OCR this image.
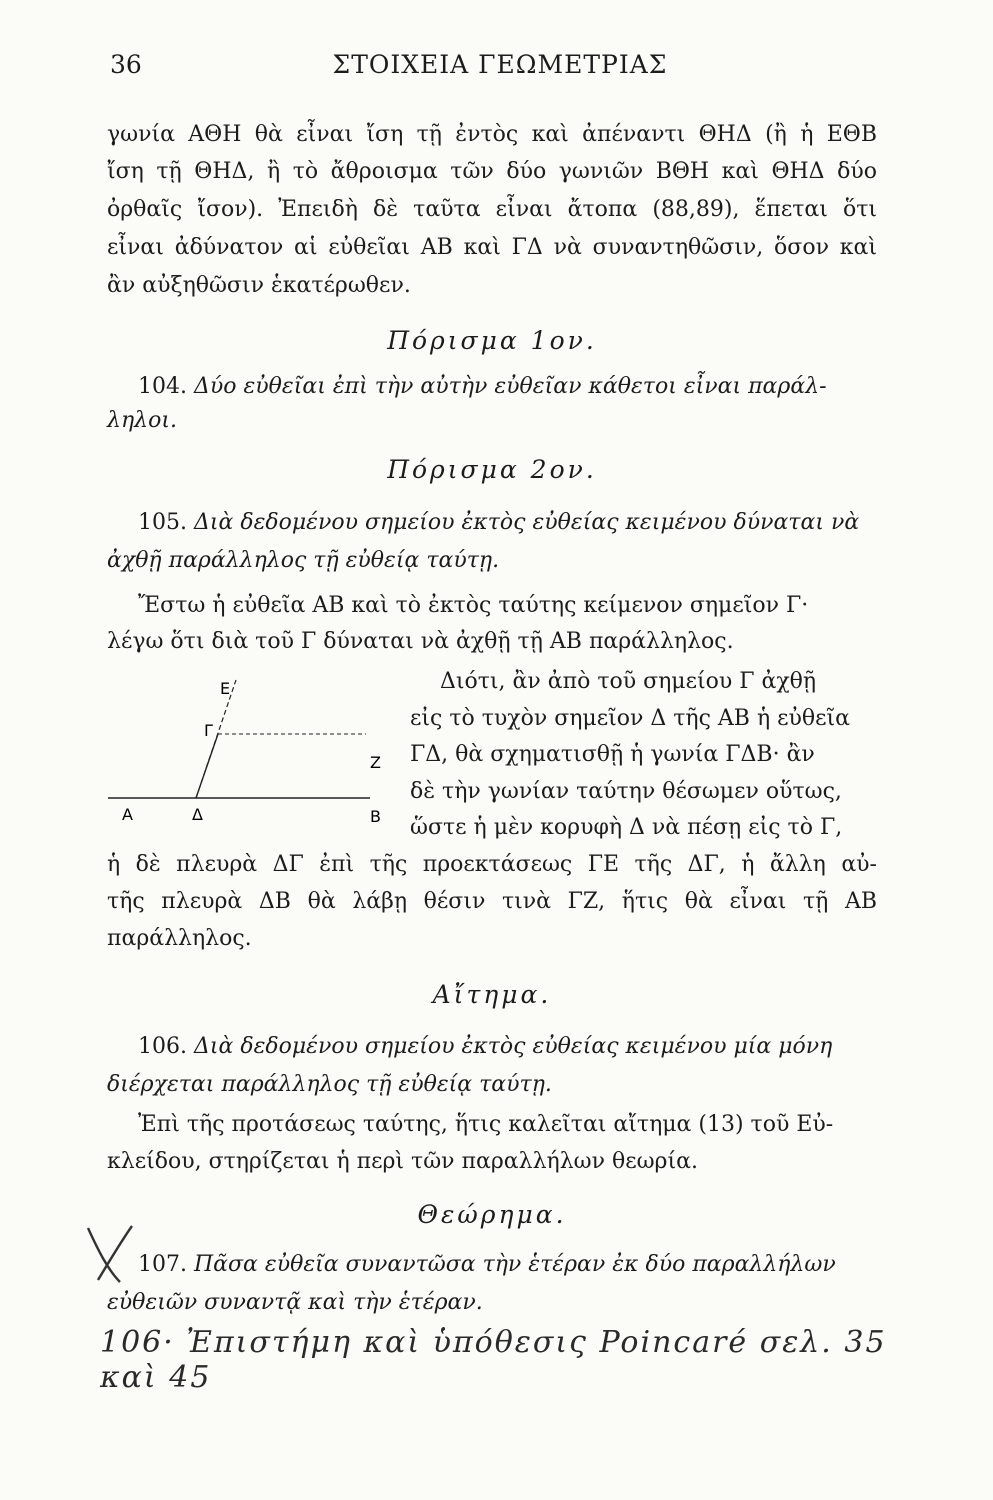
36	ΣΤΟΙΧΕΙΑ ΓΕΩΜΕΤΡΙΑΣ
γωνία ΑΘΗ θὰ εἶναι ἴση τῇ ἐντὸς καὶ ἀπέναντι ΘΗΔ (ἢ ἡ ΕΘΒ
ἴση τῇ ΘΗΔ, ἢ τὸ ἄθροισμα τῶν δύο γωνιῶν ΒΘΗ καὶ ΘΗΔ δύο
ὀρθαῖς ἴσον). Ἐπειδὴ δὲ ταῦτα εἶναι ἄτοπα (88,89), ἕπεται ὅτι
εἶναι ἀδύνατον αἱ εὐθεῖαι ΑΒ καὶ ΓΔ νὰ συναντηθῶσιν, ὅσον καὶ
ἂν αὐξηθῶσιν ἑκατέρωθεν.
Πόρισμα 1ον.
104. Δύο εὐθεῖαι ἐπὶ τὴν αὐτὴν εὐθεῖαν κάθετοι εἶναι παράλ-
ληλοι.
Πόρισμα 2ον.
105. Διὰ δεδομένου σημείου ἐκτὸς εὐθείας κειμένου δύναται νὰ
ἀχθῇ παράλληλος τῇ εὐθείᾳ ταύτῃ.
Ἔστω ἡ εὐθεῖα ΑΒ καὶ τὸ ἐκτὸς ταύτης κείμενον σημεῖον Γ·
λέγω ὅτι διὰ τοῦ Γ δύναται νὰ ἀχθῇ τῇ ΑΒ παράλληλος.
Διότι, ἂν ἀπὸ τοῦ σημείου Γ ἀχθῇ
εἰς τὸ τυχὸν σημεῖον Δ τῆς ΑΒ ἡ εὐθεῖα
ΓΔ, θὰ σχηματισθῇ ἡ γωνία ΓΔΒ· ἂν
δὲ τὴν γωνίαν ταύτην θέσωμεν οὕτως,
ὥστε ἡ μὲν κορυφὴ Δ νὰ πέσῃ εἰς τὸ Γ,
E
Γ
Z
A	Δ	B
ἡ δὲ πλευρὰ ΔΓ ἐπὶ τῆς προεκτάσεως ΓΕ τῆς ΔΓ, ἡ ἄλλη αὐ-
τῆς πλευρὰ ΔΒ θὰ λάβῃ θέσιν τινὰ ΓΖ, ἥτις θὰ εἶναι τῇ ΑΒ
παράλληλος.
Αἴτημα.
106. Διὰ δεδομένου σημείου ἐκτὸς εὐθείας κειμένου μία μόνη
διέρχεται παράλληλος τῇ εὐθείᾳ ταύτῃ.
Ἐπὶ τῆς προτάσεως ταύτης, ἥτις καλεῖται αἴτημα (13) τοῦ Εὐ-
κλείδου, στηρίζεται ἡ περὶ τῶν παραλλήλων θεωρία.
Θεώρημα.
107. Πᾶσα εὐθεῖα συναντῶσα τὴν ἑτέραν ἐκ δύο παραλλήλων
εὐθειῶν συναντᾷ καὶ τὴν ἑτέραν.
106· Ἐπιστήμη καὶ ὑπόθεσις Poincaré σελ. 35 καὶ 45
